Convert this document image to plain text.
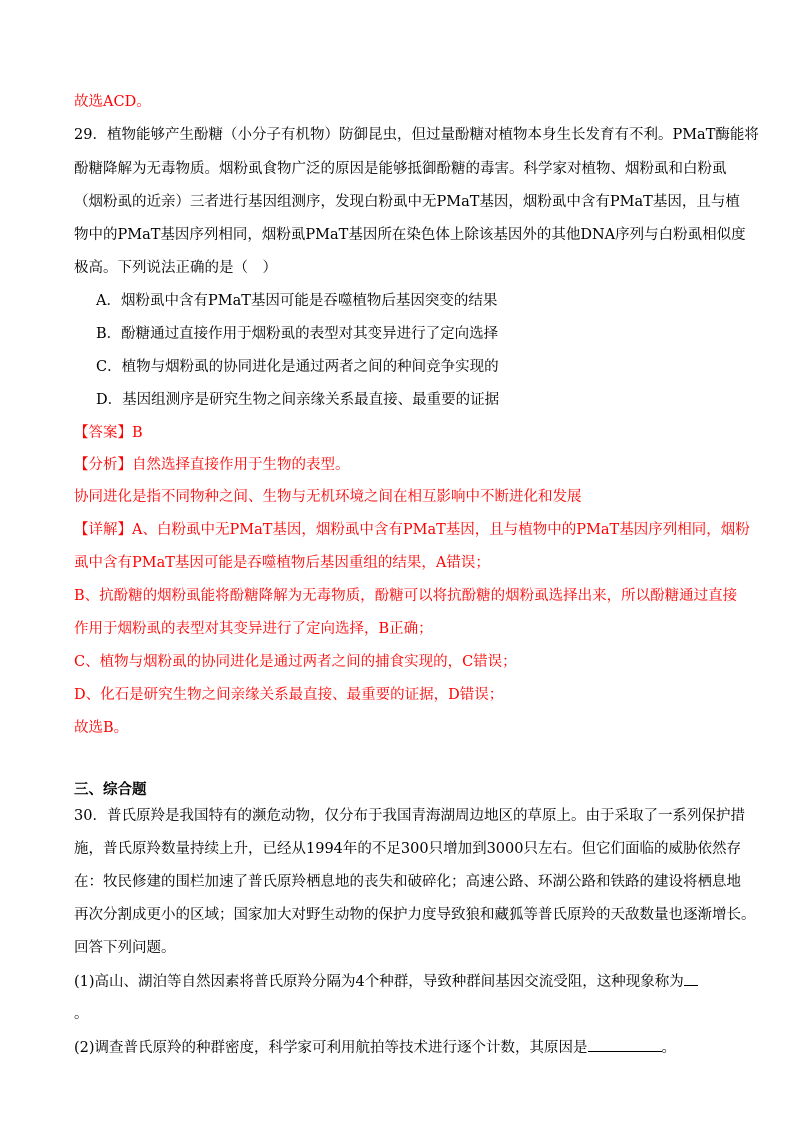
故选ACD。
29．植物能够产生酚糖（小分子有机物）防御昆虫，但过量酚糖对植物本身生长发育有不利。PMaT酶能将
酚糖降解为无毒物质。烟粉虱食物广泛的原因是能够抵御酚糖的毒害。科学家对植物、烟粉虱和白粉虱
（烟粉虱的近亲）三者进行基因组测序，发现白粉虱中无PMaT基因，烟粉虱中含有PMaT基因，且与植
物中的PMaT基因序列相同，烟粉虱PMaT基因所在染色体上除该基因外的其他DNA序列与白粉虱相似度
极高。下列说法正确的是（　）
A．烟粉虱中含有PMaT基因可能是吞噬植物后基因突变的结果
B．酚糖通过直接作用于烟粉虱的表型对其变异进行了定向选择
C．植物与烟粉虱的协同进化是通过两者之间的种间竞争实现的
D．基因组测序是研究生物之间亲缘关系最直接、最重要的证据
【答案】B
【分析】自然选择直接作用于生物的表型。
协同进化是指不同物种之间、生物与无机环境之间在相互影响中不断进化和发展
【详解】A、白粉虱中无PMaT基因，烟粉虱中含有PMaT基因，且与植物中的PMaT基因序列相同，烟粉
虱中含有PMaT基因可能是吞噬植物后基因重组的结果，A错误；
B、抗酚糖的烟粉虱能将酚糖降解为无毒物质，酚糖可以将抗酚糖的烟粉虱选择出来，所以酚糖通过直接
作用于烟粉虱的表型对其变异进行了定向选择，B正确；
C、植物与烟粉虱的协同进化是通过两者之间的捕食实现的，C错误；
D、化石是研究生物之间亲缘关系最直接、最重要的证据，D错误；
故选B。
三、综合题
30．普氏原羚是我国特有的濒危动物，仅分布于我国青海湖周边地区的草原上。由于采取了一系列保护措
施，普氏原羚数量持续上升，已经从1994年的不足300只增加到3000只左右。但它们面临的威胁依然存
在：牧民修建的围栏加速了普氏原羚栖息地的丧失和破碎化；高速公路、环湖公路和铁路的建设将栖息地
再次分割成更小的区域；国家加大对野生动物的保护力度导致狼和藏狐等普氏原羚的天敌数量也逐渐增长。
回答下列问题。
(1)高山、湖泊等自然因素将普氏原羚分隔为4个种群，导致种群间基因交流受阻，这种现象称为
。
(2)调查普氏原羚的种群密度，科学家可利用航拍等技术进行逐个计数，其原因是	。
